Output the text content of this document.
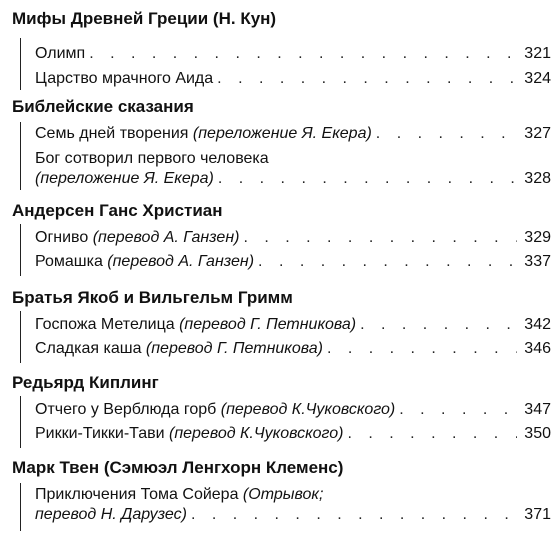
Мифы Древней Греции (Н. Кун)
Олимп . . .	321
Царство мрачного Аида . . .	324
Библейские сказания
Семь дней творения (переложение Я. Екера) . . .	327
Бог сотворил первого человека
(переложение Я. Екера) . . .	328
Андерсен Ганс Христиан
Огниво (перевод А. Ганзен) . . .	329
Ромашка (перевод А. Ганзен) . . .	337
Братья Якоб и Вильгельм Гримм
Госпожа Метелица (перевод Г. Петникова) . . .	342
Сладкая каша (перевод Г. Петникова) . . .	346
Редьярд Киплинг
Отчего у Верблюда горб (перевод К.Чуковского) . . .	347
Рикки-Тикки-Тави (перевод К.Чуковского) . . .	350
Марк Твен (Сэмюэл Ленгхорн Клеменс)
Приключения Тома Сойера (Отрывок;
перевод Н. Дарузес) . . .	371
